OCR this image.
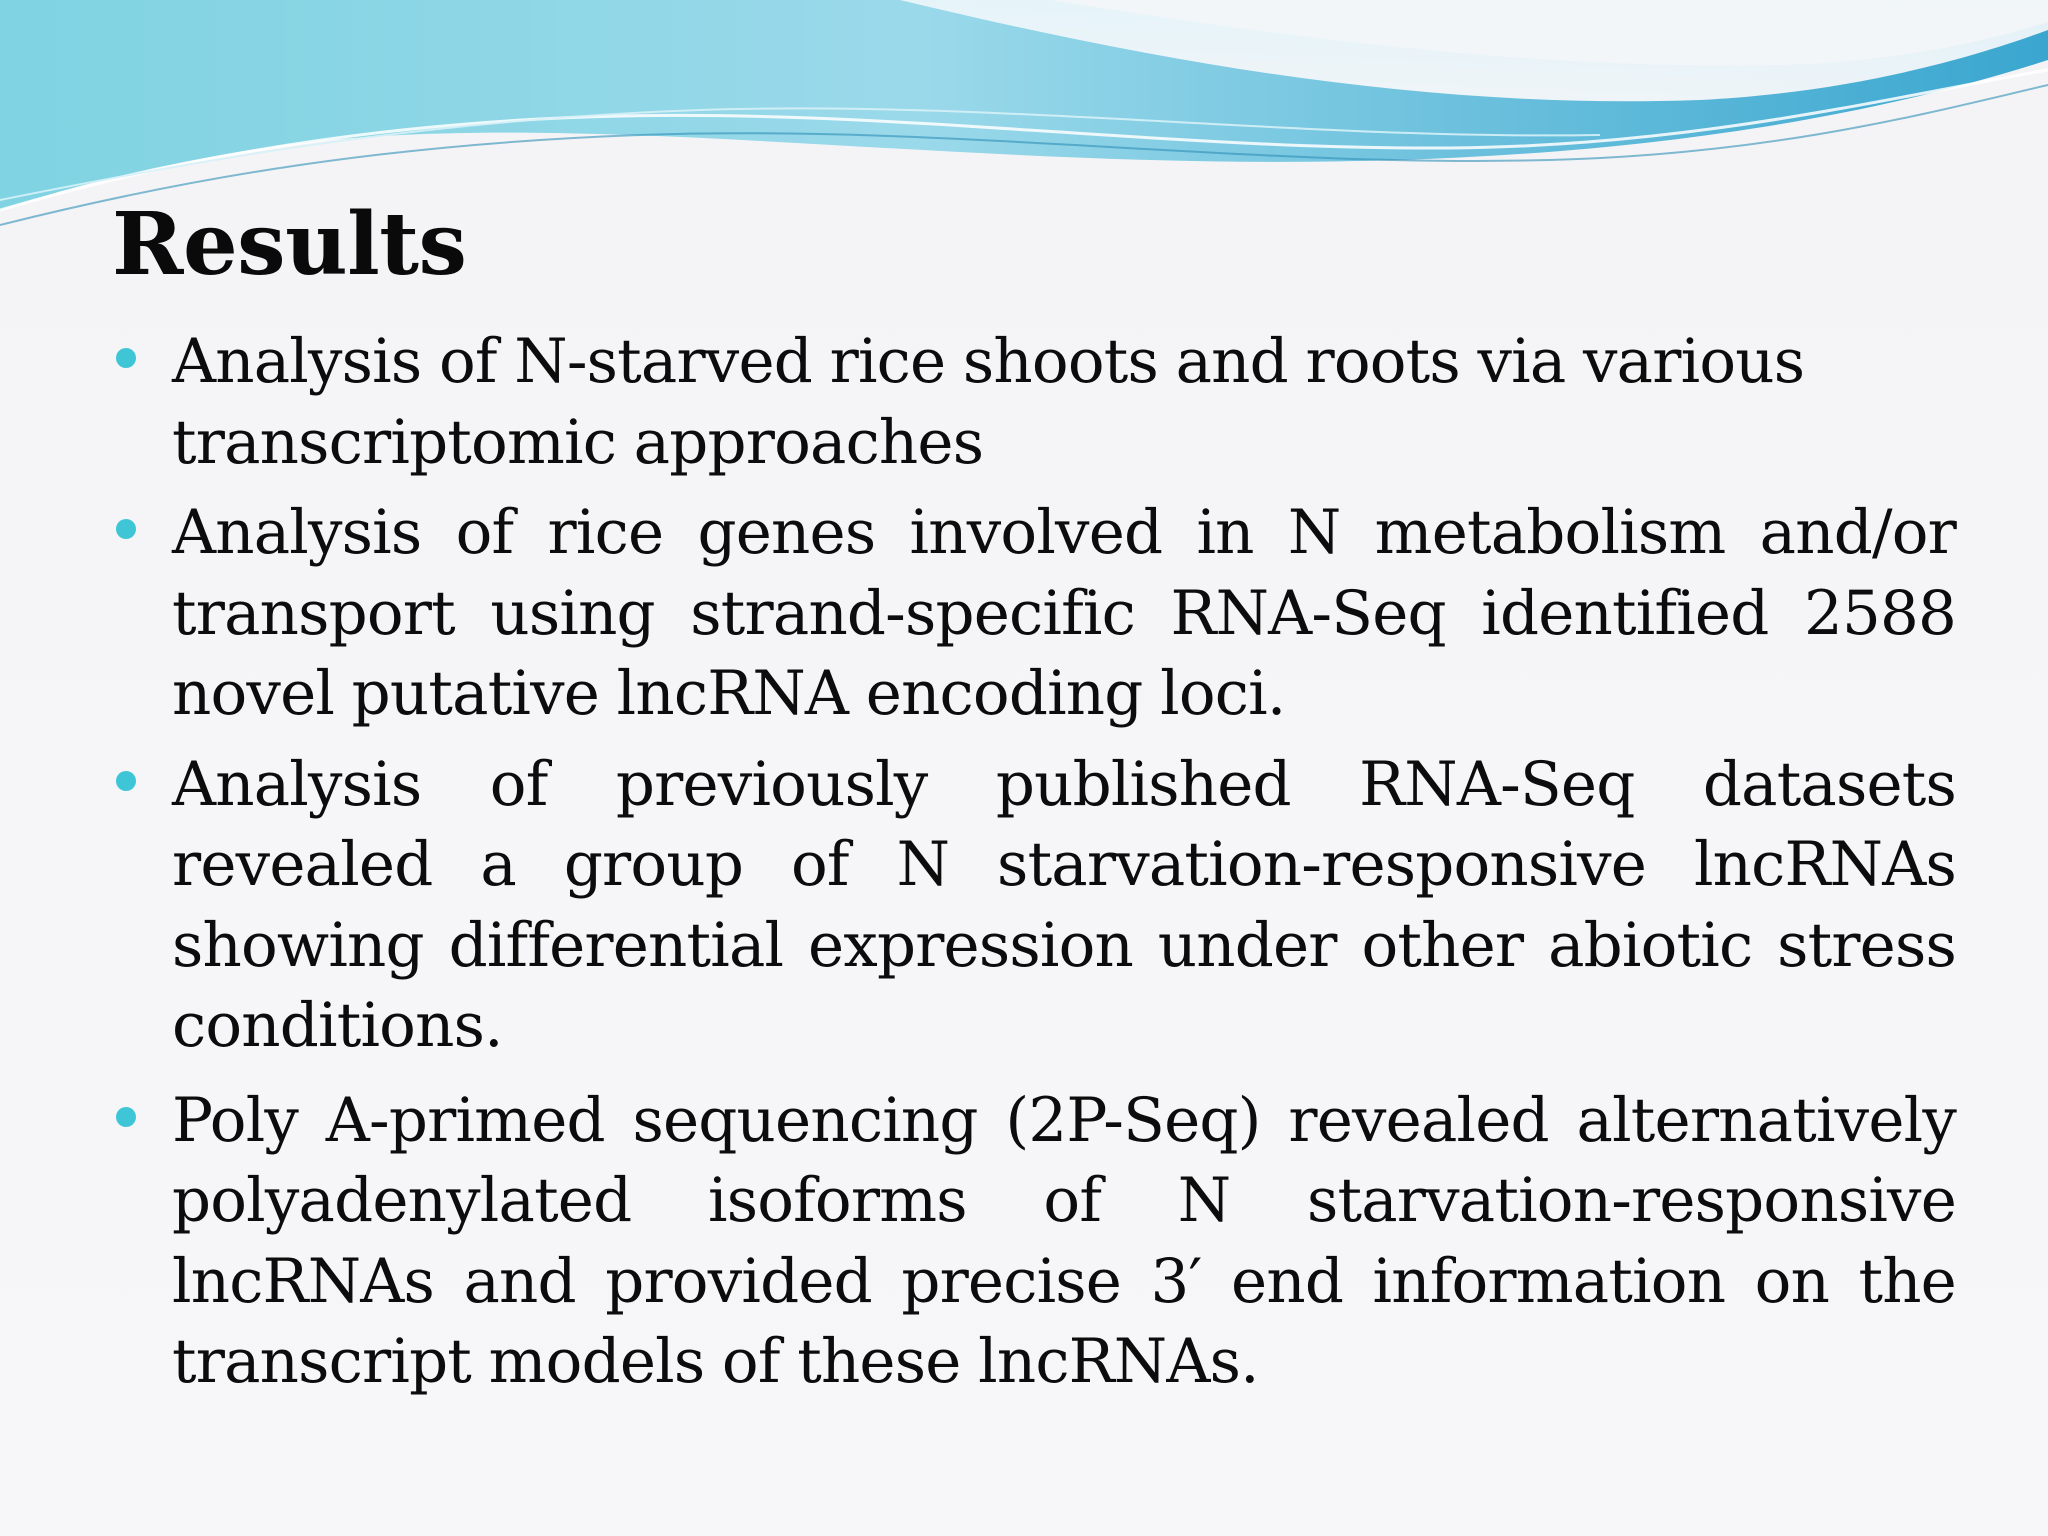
Results
Analysis of N-starved rice shoots and roots via various transcriptomic approaches
Analysis of rice genes involved in N metabolism and/or transport using strand-specific RNA-Seq identified 2588 novel putative lncRNA encoding loci.
Analysis of previously published RNA-Seq datasets revealed a group of N starvation-responsive lncRNAs showing differential expression under other abiotic stress conditions.
Poly A-primed sequencing (2P-Seq) revealed alternatively polyadenylated isoforms of N starvation-responsive lncRNAs and provided precise 3′ end information on the transcript models of these lncRNAs.
